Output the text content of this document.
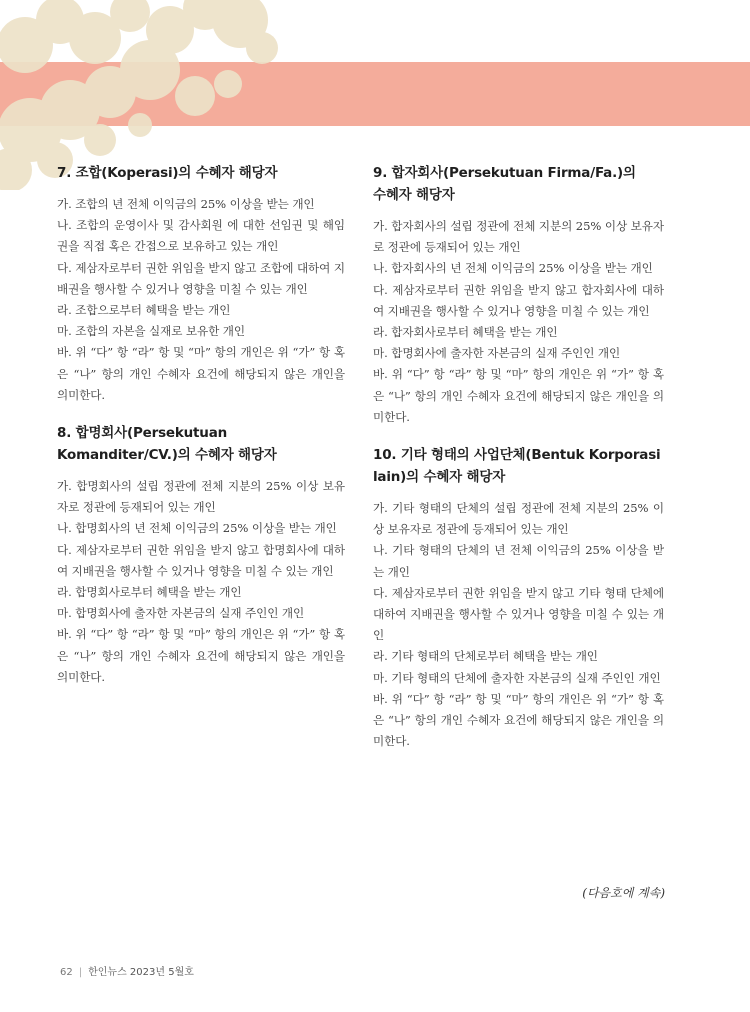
7. 조합(Koperasi)의 수혜자 해당자

가. 조합의 년 전체 이익금의 25% 이상을 받는 개인

나. 조합의 운영이사 및 감사회원 에 대한 선임권 및 해임권을 직접 혹은 간접으로 보유하고 있는 개인

다. 제삼자로부터 권한 위임을 받지 않고 조합에 대하여 지배권을 행사할 수 있거나 영향을 미칠 수 있는 개인

라. 조합으로부터 혜택을 받는 개인

마. 조합의 자본을 실재로 보유한 개인

바. 위 “다” 항 “라” 항 및 “마” 항의 개인은 위 “가” 항 혹은 “나” 항의 개인 수혜자 요건에 해당되지 않은 개인을 의미한다.

8. 합명회사(Persekutuan Komanditer/CV.)의 수혜자 해당자

가. 합명회사의 설립 정관에 전체 지분의 25% 이상 보유자로 정관에 등재되어 있는 개인

나. 합명회사의 년 전체 이익금의 25% 이상을 받는 개인

다. 제삼자로부터 권한 위임을 받지 않고 합명회사에 대하여 지배권을 행사할 수 있거나 영향을 미칠 수 있는 개인

라. 합명회사로부터 혜택을 받는 개인

마. 합명회사에 출자한 자본금의 실재 주인인 개인

바. 위 “다” 항 “라” 항 및 “마” 항의 개인은 위 “가” 항 혹은 “나” 항의 개인 수혜자 요건에 해당되지 않은 개인을 의미한다.

9. 합자회사(Persekutuan Firma/Fa.)의 수혜자 해당자

가. 합자회사의 설립 정관에 전체 지분의 25% 이상 보유자로 정관에 등재되어 있는 개인

나. 합자회사의 년 전체 이익금의 25% 이상을 받는 개인

다. 제삼자로부터 권한 위임을 받지 않고 합자회사에 대하여 지배권을 행사할 수 있거나 영향을 미칠 수 있는 개인

라. 합자회사로부터 혜택을 받는 개인

마. 합명회사에 출자한 자본금의 실재 주인인 개인

바. 위 “다” 항 “라” 항 및 “마” 항의 개인은 위 “가” 항 혹은 “나” 항의 개인 수혜자 요건에 해당되지 않은 개인을 의미한다.

10. 기타 형태의 사업단체(Bentuk Korporasi lain)의 수혜자 해당자

가. 기타 형태의 단체의 설립 정관에 전체 지분의 25% 이상 보유자로 정관에 등재되어 있는 개인

나. 기타 형태의 단체의 년 전체 이익금의 25% 이상을 받는 개인

다. 제삼자로부터 권한 위임을 받지 않고 기타 형태 단체에 대하여 지배권을 행사할 수 있거나 영향을 미칠 수 있는 개인

라. 기타 형태의 단체로부터 혜택을 받는 개인

마. 기타 형태의 단체에 출자한 자본금의 실재 주인인 개인

바. 위 “다” 항 “라” 항 및 “마” 항의 개인은 위 “가” 항 혹은 “나” 항의 개인 수혜자 요건에 해당되지 않은 개인을 의미한다.

(다음호에 계속)
62 | 한인뉴스 2023년 5월호
